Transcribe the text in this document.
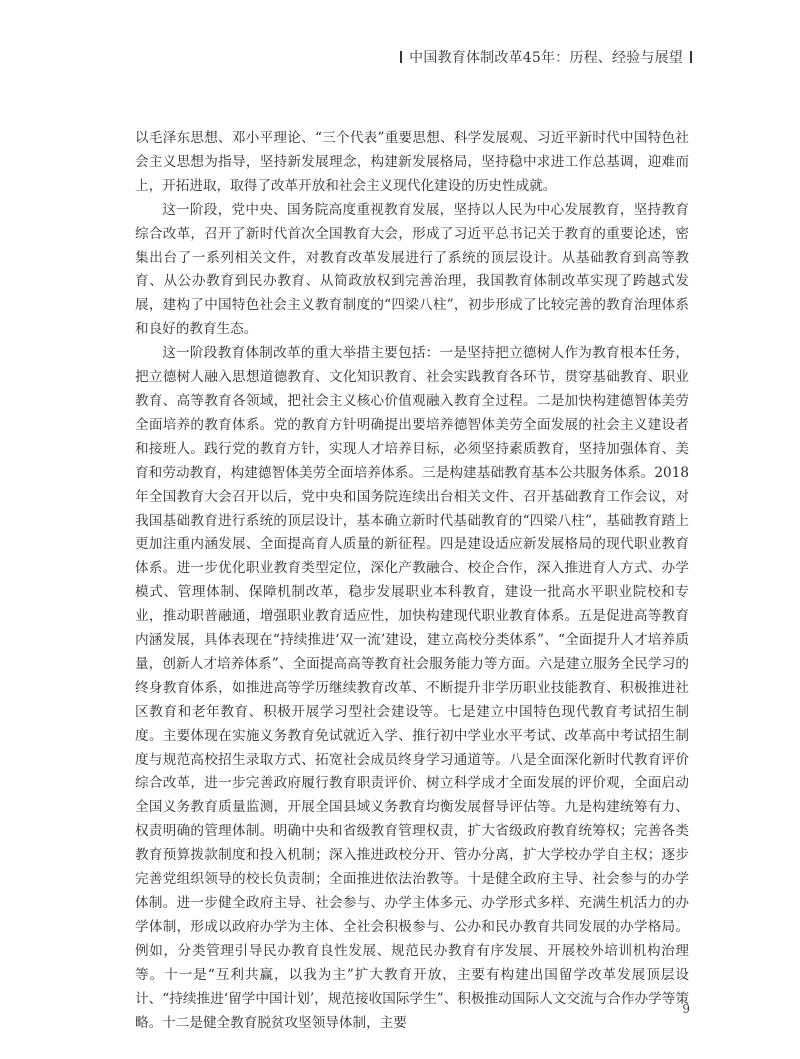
中国教育体制改革45年：历程、经验与展望

以毛泽东思想、邓小平理论、“三个代表”重要思想、科学发展观、习近平新时代中国特色社会主义思想为指导，坚持新发展理念，构建新发展格局，坚持稳中求进工作总基调，迎难而上，开拓进取，取得了改革开放和社会主义现代化建设的历史性成就。

这一阶段，党中央、国务院高度重视教育发展，坚持以人民为中心发展教育，坚持教育综合改革，召开了新时代首次全国教育大会，形成了习近平总书记关于教育的重要论述，密集出台了一系列相关文件，对教育改革发展进行了系统的顶层设计。从基础教育到高等教育、从公办教育到民办教育、从简政放权到完善治理，我国教育体制改革实现了跨越式发展，建构了中国特色社会主义教育制度的“四梁八柱”，初步形成了比较完善的教育治理体系和良好的教育生态。

这一阶段教育体制改革的重大举措主要包括：一是坚持把立德树人作为教育根本任务，把立德树人融入思想道德教育、文化知识教育、社会实践教育各环节，贯穿基础教育、职业教育、高等教育各领域，把社会主义核心价值观融入教育全过程。二是加快构建德智体美劳全面培养的教育体系。党的教育方针明确提出要培养德智体美劳全面发展的社会主义建设者和接班人。践行党的教育方针，实现人才培养目标，必须坚持素质教育，坚持加强体育、美育和劳动教育，构建德智体美劳全面培养体系。三是构建基础教育基本公共服务体系。2018年全国教育大会召开以后，党中央和国务院连续出台相关文件、召开基础教育工作会议，对我国基础教育进行系统的顶层设计，基本确立新时代基础教育的“四梁八柱”，基础教育踏上更加注重内涵发展、全面提高育人质量的新征程。四是建设适应新发展格局的现代职业教育体系。进一步优化职业教育类型定位，深化产教融合、校企合作，深入推进育人方式、办学模式、管理体制、保障机制改革，稳步发展职业本科教育，建设一批高水平职业院校和专业，推动职普融通，增强职业教育适应性，加快构建现代职业教育体系。五是促进高等教育内涵发展，具体表现在“持续推进‘双一流’建设，建立高校分类体系”、“全面提升人才培养质量，创新人才培养体系”、全面提高高等教育社会服务能力等方面。六是建立服务全民学习的终身教育体系，如推进高等学历继续教育改革、不断提升非学历职业技能教育、积极推进社区教育和老年教育、积极开展学习型社会建设等。七是建立中国特色现代教育考试招生制度。主要体现在实施义务教育免试就近入学、推行初中学业水平考试、改革高中考试招生制度与规范高校招生录取方式、拓宽社会成员终身学习通道等。八是全面深化新时代教育评价综合改革，进一步完善政府履行教育职责评价、树立科学成才全面发展的评价观，全面启动全国义务教育质量监测，开展全国县域义务教育均衡发展督导评估等。九是构建统筹有力、权责明确的管理体制。明确中央和省级教育管理权责，扩大省级政府教育统筹权；完善各类教育预算拨款制度和投入机制；深入推进政校分开、管办分离，扩大学校办学自主权；逐步完善党组织领导的校长负责制；全面推进依法治教等。十是健全政府主导、社会参与的办学体制。进一步健全政府主导、社会参与、办学主体多元、办学形式多样、充满生机活力的办学体制，形成以政府办学为主体、全社会积极参与、公办和民办教育共同发展的办学格局。例如，分类管理引导民办教育良性发展、规范民办教育有序发展、开展校外培训机构治理等。十一是“互利共赢，以我为主”扩大教育开放，主要有构建出国留学改革发展顶层设计、“持续推进‘留学中国计划’，规范接收国际学生”、积极推动国际人文交流与合作办学等策略。十二是健全教育脱贫攻坚领导体制，主要

9
